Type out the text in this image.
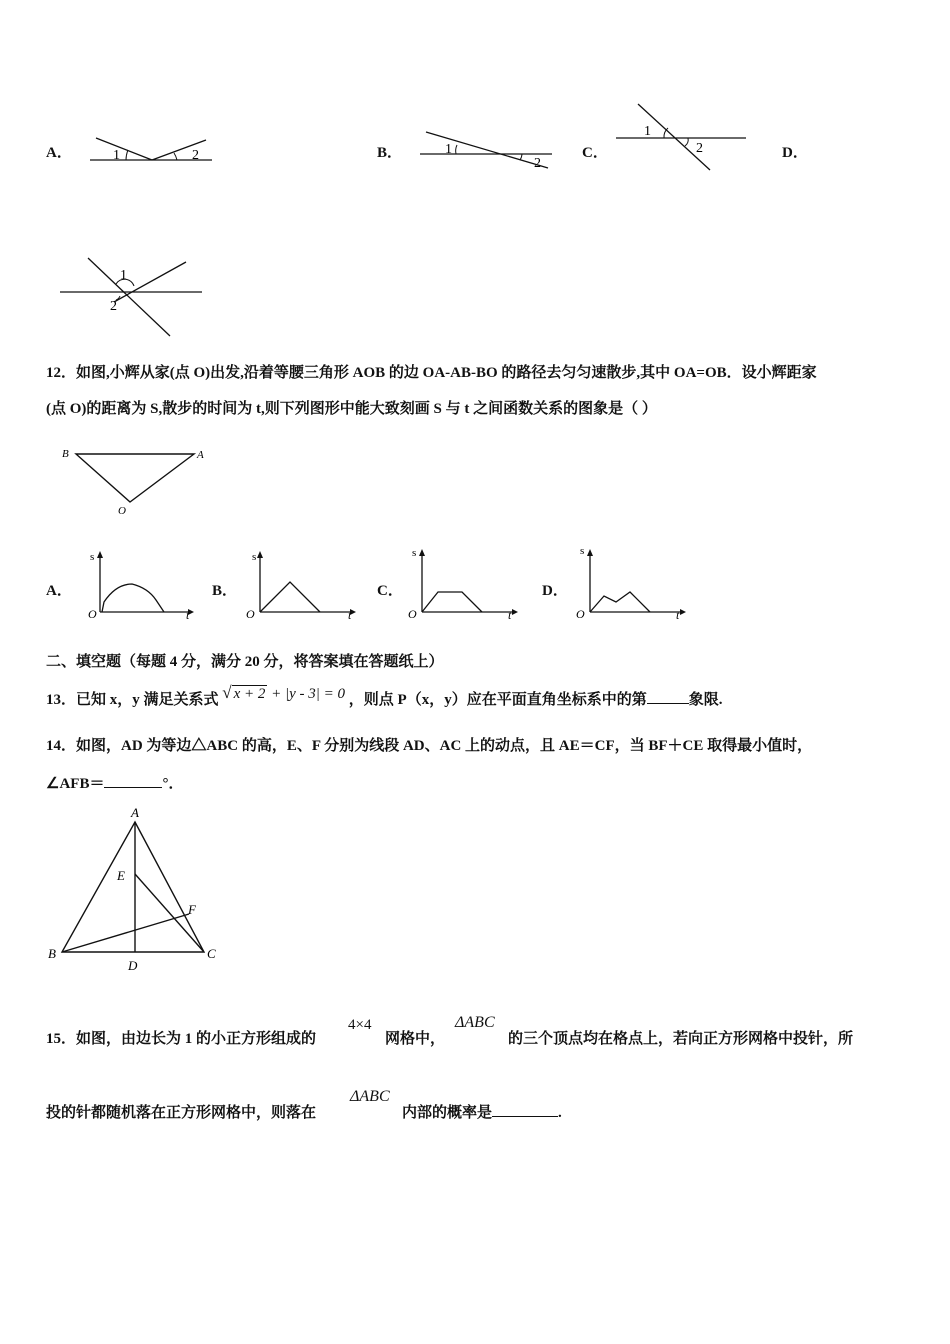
A．	1	2	B．	1
2
C．
1
2	D．
1
2
12．如图,小辉从家(点 O)出发,沿着等腰三角形 AOB 的边 OA-AB-BO 的路径去匀匀速散步,其中 OA=OB．设小辉距家
(点 O)的距离为 S,散步的时间为 t,则下列图形中能大致刻画 S 与 t 之间函数关系的图象是（ ）
B	A
O
A．
s
O	t
B．
s
O	t
C．
s
O	t
D．
s
O	t
二、填空题（每题 4 分，满分 20 分，将答案填在答题纸上）
13．已知 x，y 满足关系式 √ x + 2 + |y - 3| = 0 ，则点 P（x，y）应在平面直角坐标系中的第	象限.
14．如图，AD 为等边△ABC 的高，E、F 分别为线段 AD、AC 上的动点，且 AE＝CF，当 BF＋CE 取得最小值时，
∠AFB＝	°．
A
E
F
B
D
C
15．如图，由边长为 1 的小正方形组成的
4×4
网格中，
ΔABC
的三个顶点均在格点上，若向正方形网格中投针，所
投的针都随机落在正方形网格中，则落在
ΔABC
内部的概率是	.
